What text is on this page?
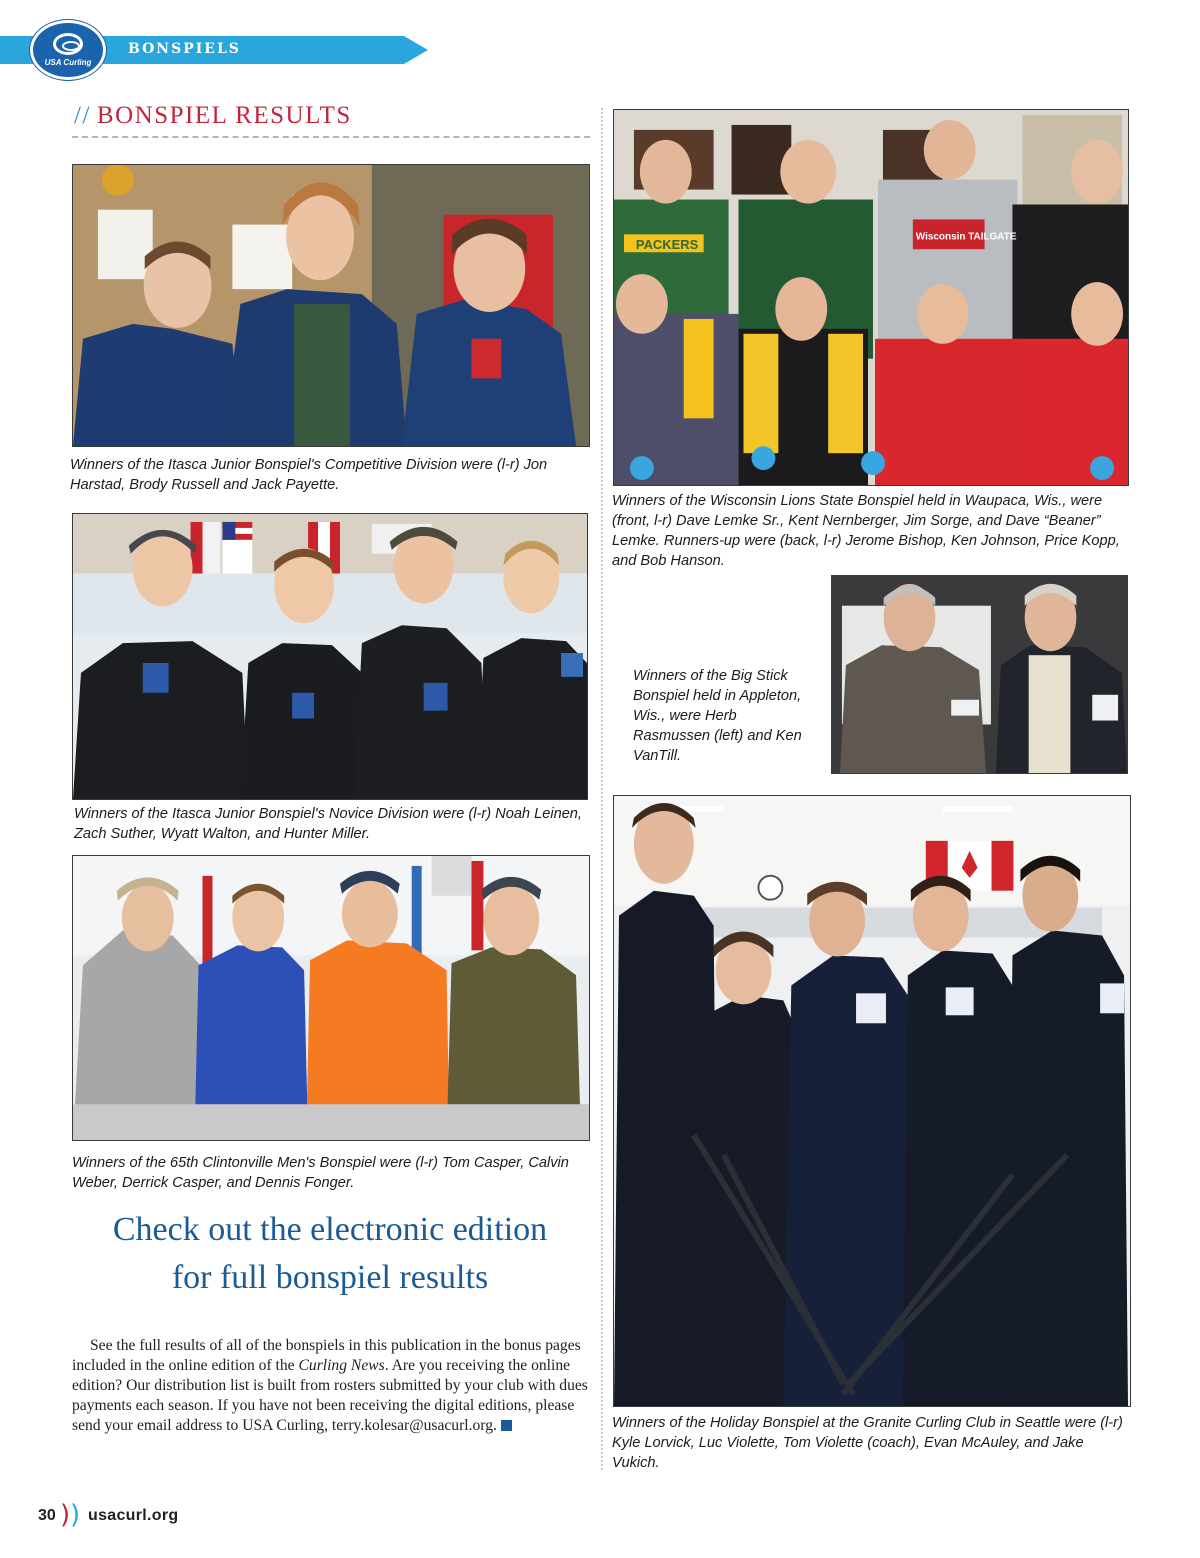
BONSPIELS
USA Curling
// BONSPIEL RESULTS
Winners of the Itasca Junior Bonspiel's Competitive Division were (l-r) Jon Harstad, Brody Russell and Jack Payette.
Winners of the Itasca Junior Bonspiel's Novice Division were (l-r) Noah Leinen, Zach Suther, Wyatt Walton, and Hunter Miller.
Winners of the 65th Clintonville Men's Bonspiel were (l-r) Tom Casper, Calvin Weber, Derrick Casper, and Dennis Fonger.
PACKERS
Wisconsin TAILGATE
Winners of the Wisconsin Lions State Bonspiel held in Waupaca, Wis., were (front, l-r) Dave Lemke Sr., Kent Nernberger, Jim Sorge, and Dave “Beaner” Lemke. Runners-up were (back, l-r) Jerome Bishop, Ken Johnson, Price Kopp, and Bob Hanson.
Winners of the Big Stick Bonspiel held in Appleton, Wis., were Herb Rasmussen (left) and Ken VanTill.
Winners of the Holiday Bonspiel at the Granite Curling Club in Seattle were (l-r) Kyle Lorvick, Luc Violette, Tom Violette (coach), Evan McAuley, and Jake Vukich.
Check out the electronic edition
for full bonspiel results
See the full results of all of the bonspiels in this publication in the bonus pages included in the online edition of the Curling News. Are you receiving the online edition? Our distribution list is built from rosters submitted by your club with dues payments each season. If you have not been receiving the digital editions, please send your email address to USA Curling, terry.kolesar@usacurl.org.
30 ) ) usacurl.org
